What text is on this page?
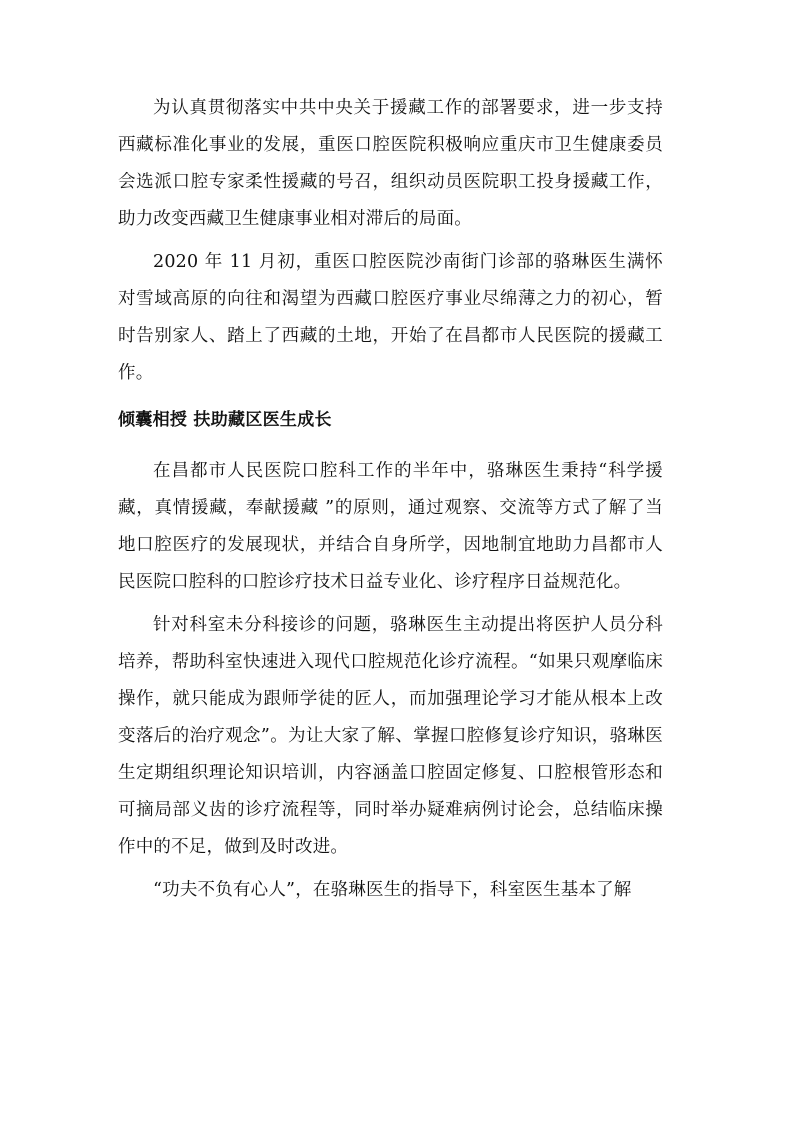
为认真贯彻落实中共中央关于援藏工作的部署要求，进一步支持西藏标准化事业的发展，重医口腔医院积极响应重庆市卫生健康委员会选派口腔专家柔性援藏的号召，组织动员医院职工投身援藏工作，助力改变西藏卫生健康事业相对滞后的局面。

2020 年 11 月初，重医口腔医院沙南街门诊部的骆琳医生满怀对雪域高原的向往和渴望为西藏口腔医疗事业尽绵薄之力的初心，暂时告别家人、踏上了西藏的土地，开始了在昌都市人民医院的援藏工作。

倾囊相授 扶助藏区医生成长

在昌都市人民医院口腔科工作的半年中，骆琳医生秉持“科学援藏，真情援藏，奉献援藏 ”的原则，通过观察、交流等方式了解了当地口腔医疗的发展现状，并结合自身所学，因地制宜地助力昌都市人民医院口腔科的口腔诊疗技术日益专业化、诊疗程序日益规范化。

针对科室未分科接诊的问题，骆琳医生主动提出将医护人员分科培养，帮助科室快速进入现代口腔规范化诊疗流程。“如果只观摩临床操作，就只能成为跟师学徒的匠人，而加强理论学习才能从根本上改变落后的治疗观念”。为让大家了解、掌握口腔修复诊疗知识，骆琳医生定期组织理论知识培训，内容涵盖口腔固定修复、口腔根管形态和可摘局部义齿的诊疗流程等，同时举办疑难病例讨论会，总结临床操作中的不足，做到及时改进。

“功夫不负有心人”，在骆琳医生的指导下，科室医生基本了解
